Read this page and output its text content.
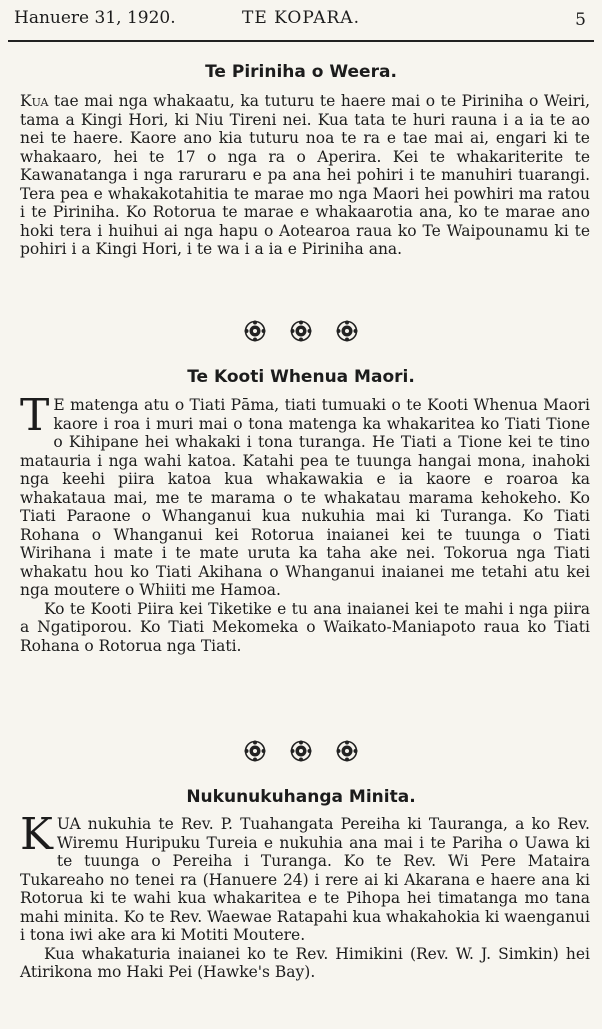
Hanuere 31, 1920.	TE KOPARA.	5
Te Piriniha o Weera.

Kua tae mai nga whakaatu, ka tuturu te haere mai o te Piriniha o Weiri, tama a Kingi Hori, ki Niu Tireni nei. Kua tata te huri rauna i a ia te ao nei te haere. Kaore ano kia tuturu noa te ra e tae mai ai, engari ki te whakaaro, hei te 17 o nga ra o Aperira. Kei te whakariterite te Kawanatanga i nga raruraru e pa ana hei pohiri i te manuhiri tuarangi. Tera pea e whakakotahitia te marae mo nga Maori hei powhiri ma ratou i te Piriniha. Ko Rotorua te marae e whakaarotia ana, ko te marae ano hoki tera i huihui ai nga hapu o Aotearoa raua ko Te Waipounamu ki te pohiri i a Kingi Hori, i te wa i a ia e Piriniha ana.

Te Kooti Whenua Maori.

T E matenga atu o Tiati Pāma, tiati tumuaki o te Kooti Whenua Maori kaore i roa i muri mai o tona matenga ka whakaritea ko Tiati Tione o Kihipane hei whakaki i tona turanga. He Tiati a Tione kei te tino matauria i nga wahi katoa. Katahi pea te tuunga hangai mona, inahoki nga keehi piira katoa kua whakawakia e ia kaore e roaroa ka whakataua mai, me te marama o te whakatau marama kehokeho. Ko Tiati Paraone o Whanganui kua nukuhia mai ki Turanga. Ko Tiati Rohana o Whanganui kei Rotorua inaianei kei te tuunga o Tiati Wirihana i mate i te mate uruta ka taha ake nei. Tokorua nga Tiati whakatu hou ko Tiati Akihana o Whanganui inaianei me tetahi atu kei nga moutere o Whiiti me Hamoa.

Ko te Kooti Piira kei Tiketike e tu ana inaianei kei te mahi i nga piira a Ngatiporou. Ko Tiati Mekomeka o Waikato-Maniapoto raua ko Tiati Rohana o Rotorua nga Tiati.

Nukunukuhanga Minita.

KUA nukuhia te Rev. P. Tuahangata Pereiha ki Tauranga, a ko Rev. Wiremu Huripuku Tureia e nukuhia ana mai i te Pariha o Uawa ki te tuunga o Pereiha i Turanga. Ko te Rev. Wi Pere Mataira Tukareaho no tenei ra (Hanuere 24) i rere ai ki Akarana e haere ana ki Rotorua ki te wahi kua whakaritea e te Pihopa hei timatanga mo tana mahi minita. Ko te Rev. Waewae Ratapahi kua whakahokia ki waenganui i tona iwi ake ara ki Motiti Moutere.

Kua whakaturia inaianei ko te Rev. Himikini (Rev. W. J. Simkin) hei Atirikona mo Haki Pei (Hawke's Bay).
